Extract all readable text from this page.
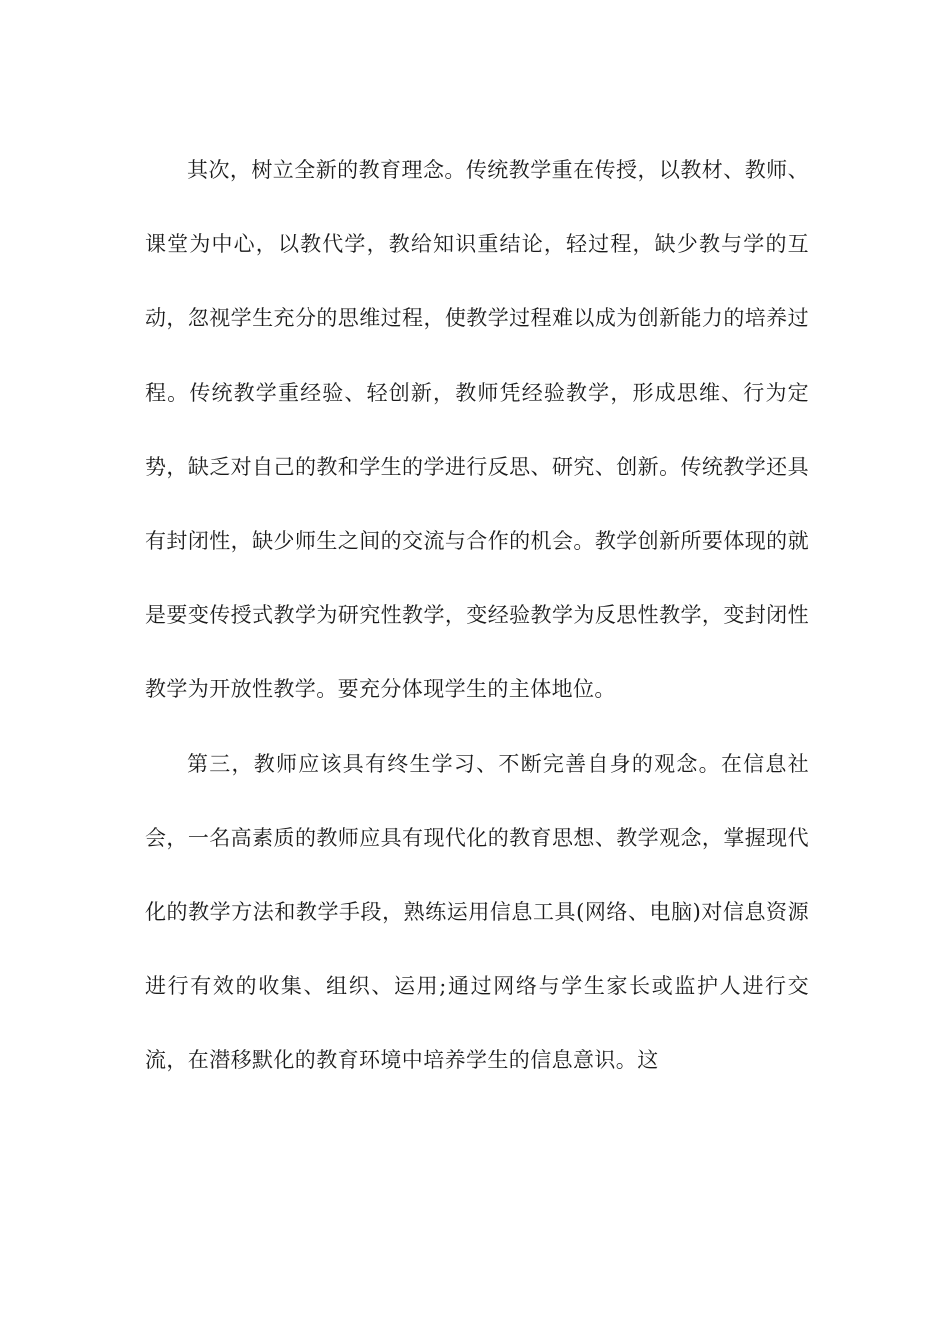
其次，树立全新的教育理念。传统教学重在传授，以教材、教师、课堂为中心，以教代学，教给知识重结论，轻过程，缺少教与学的互动，忽视学生充分的思维过程，使教学过程难以成为创新能力的培养过程。传统教学重经验、轻创新，教师凭经验教学，形成思维、行为定势，缺乏对自己的教和学生的学进行反思、研究、创新。传统教学还具有封闭性，缺少师生之间的交流与合作的机会。教学创新所要体现的就是要变传授式教学为研究性教学，变经验教学为反思性教学，变封闭性教学为开放性教学。要充分体现学生的主体地位。

第三，教师应该具有终生学习、不断完善自身的观念。在信息社会，一名高素质的教师应具有现代化的教育思想、教学观念，掌握现代化的教学方法和教学手段，熟练运用信息工具(网络、电脑)对信息资源进行有效的收集、组织、运用;通过网络与学生家长或监护人进行交流，在潜移默化的教育环境中培养学生的信息意识。这
